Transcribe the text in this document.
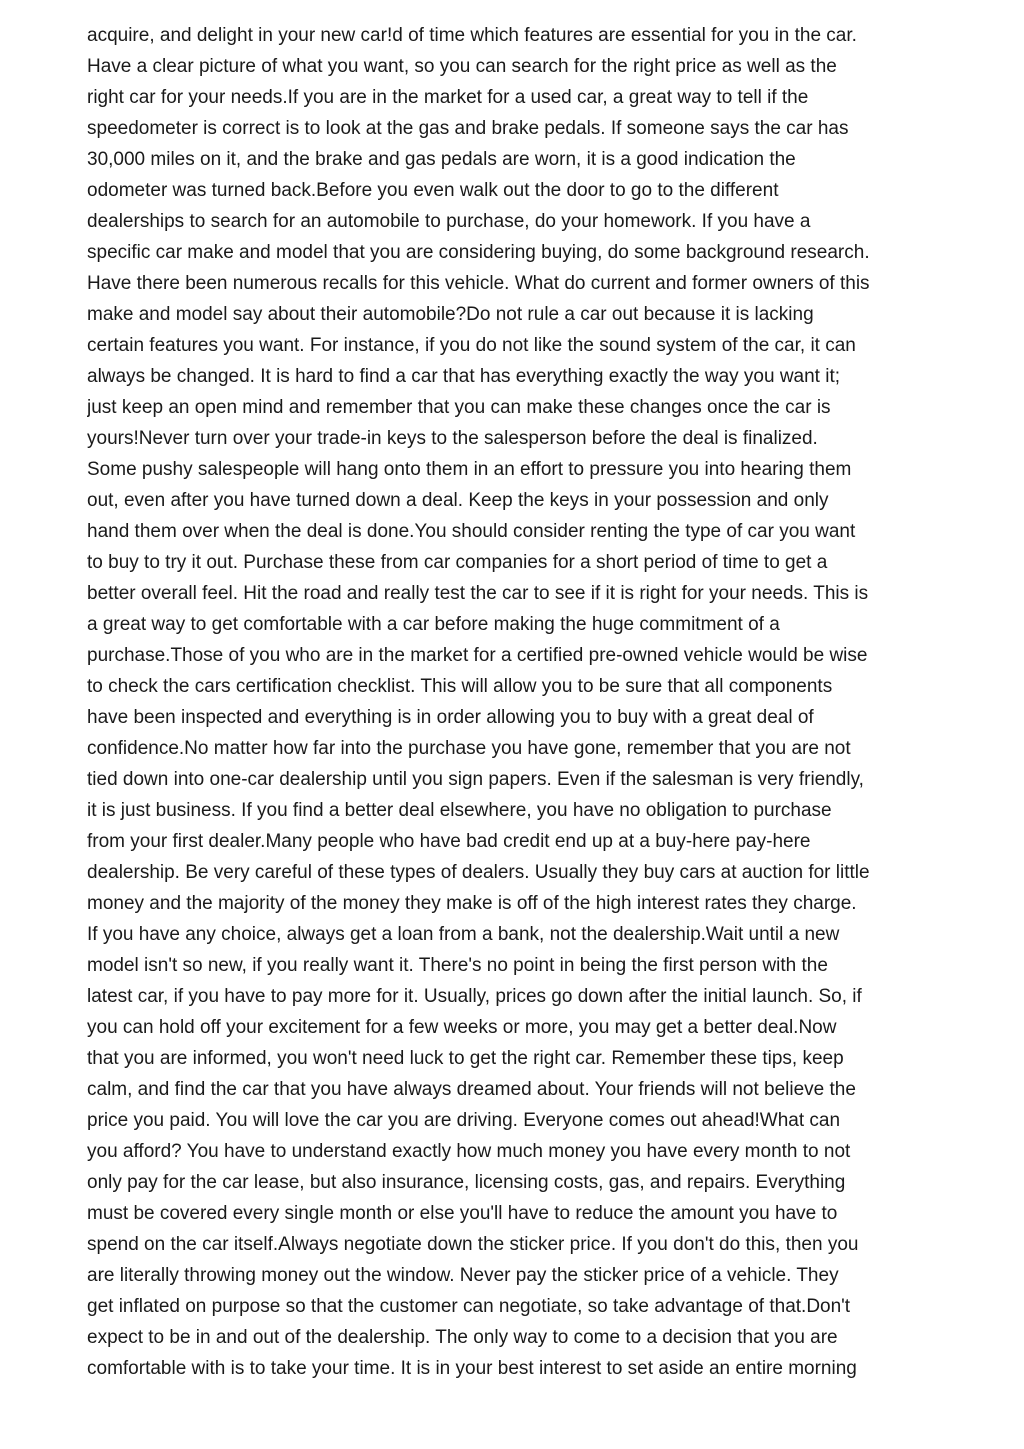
acquire, and delight in your new car!d of time which features are essential for you in the car.
Have a clear picture of what you want, so you can search for the right price as well as the
right car for your needs.If you are in the market for a used car, a great way to tell if the
speedometer is correct is to look at the gas and brake pedals. If someone says the car has
30,000 miles on it, and the brake and gas pedals are worn, it is a good indication the
odometer was turned back.Before you even walk out the door to go to the different
dealerships to search for an automobile to purchase, do your homework. If you have a
specific car make and model that you are considering buying, do some background research.
Have there been numerous recalls for this vehicle. What do current and former owners of this
make and model say about their automobile?Do not rule a car out because it is lacking
certain features you want. For instance, if you do not like the sound system of the car, it can
always be changed. It is hard to find a car that has everything exactly the way you want it;
just keep an open mind and remember that you can make these changes once the car is
yours!Never turn over your trade-in keys to the salesperson before the deal is finalized.
Some pushy salespeople will hang onto them in an effort to pressure you into hearing them
out, even after you have turned down a deal. Keep the keys in your possession and only
hand them over when the deal is done.You should consider renting the type of car you want
to buy to try it out. Purchase these from car companies for a short period of time to get a
better overall feel. Hit the road and really test the car to see if it is right for your needs. This is
a great way to get comfortable with a car before making the huge commitment of a
purchase.Those of you who are in the market for a certified pre-owned vehicle would be wise
to check the cars certification checklist. This will allow you to be sure that all components
have been inspected and everything is in order allowing you to buy with a great deal of
confidence.No matter how far into the purchase you have gone, remember that you are not
tied down into one-car dealership until you sign papers. Even if the salesman is very friendly,
it is just business. If you find a better deal elsewhere, you have no obligation to purchase
from your first dealer.Many people who have bad credit end up at a buy-here pay-here
dealership. Be very careful of these types of dealers. Usually they buy cars at auction for little
money and the majority of the money they make is off of the high interest rates they charge.
If you have any choice, always get a loan from a bank, not the dealership.Wait until a new
model isn't so new, if you really want it. There's no point in being the first person with the
latest car, if you have to pay more for it. Usually, prices go down after the initial launch. So, if
you can hold off your excitement for a few weeks or more, you may get a better deal.Now
that you are informed, you won't need luck to get the right car. Remember these tips, keep
calm, and find the car that you have always dreamed about. Your friends will not believe the
price you paid. You will love the car you are driving. Everyone comes out ahead!What can
you afford? You have to understand exactly how much money you have every month to not
only pay for the car lease, but also insurance, licensing costs, gas, and repairs. Everything
must be covered every single month or else you'll have to reduce the amount you have to
spend on the car itself.Always negotiate down the sticker price. If you don't do this, then you
are literally throwing money out the window. Never pay the sticker price of a vehicle. They
get inflated on purpose so that the customer can negotiate, so take advantage of that.Don't
expect to be in and out of the dealership. The only way to come to a decision that you are
comfortable with is to take your time. It is in your best interest to set aside an entire morning
